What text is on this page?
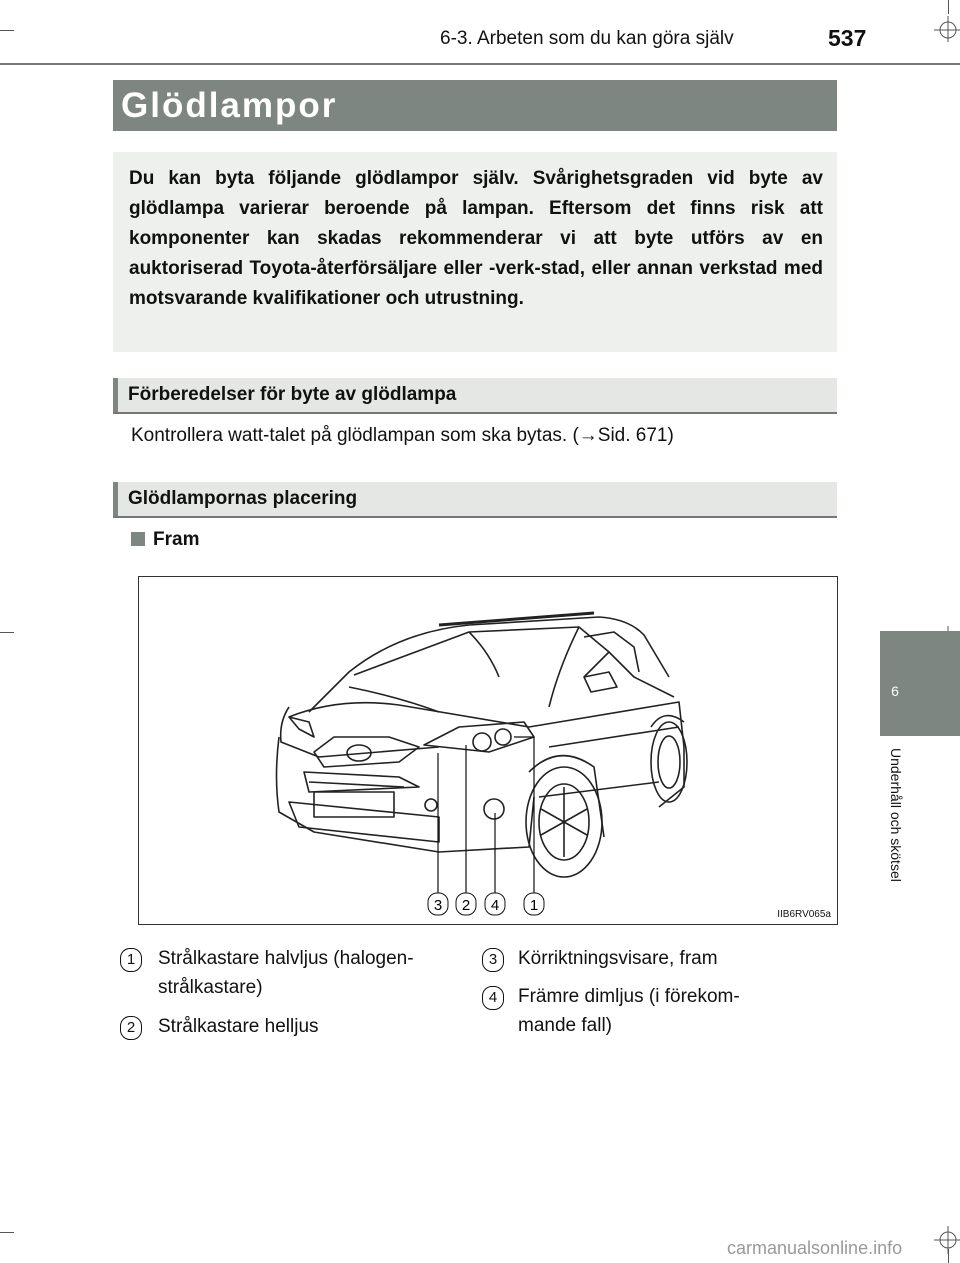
6-3. Arbeten som du kan göra själv	537
Glödlampor
Du kan byta följande glödlampor själv. Svårighetsgraden vid byte av glödlampa varierar beroende på lampan. Eftersom det finns risk att komponenter kan skadas rekommenderar vi att byte utförs av en auktoriserad Toyota-återförsäljare eller -verk-stad, eller annan verkstad med motsvarande kvalifikationer och utrustning.
Förberedelser för byte av glödlampa
Kontrollera watt-talet på glödlampan som ska bytas. (→Sid. 671)
Glödlampornas placering
Fram
3 2 4 1
IIB6RV065a
1	Strålkastare halvljus (halogen-
strålkastare)
2	Strålkastare helljus
3	Körriktningsvisare, fram
4	Främre dimljus (i förekom-
mande fall)
6
Underhåll och skötsel
carmanualsonline.info
